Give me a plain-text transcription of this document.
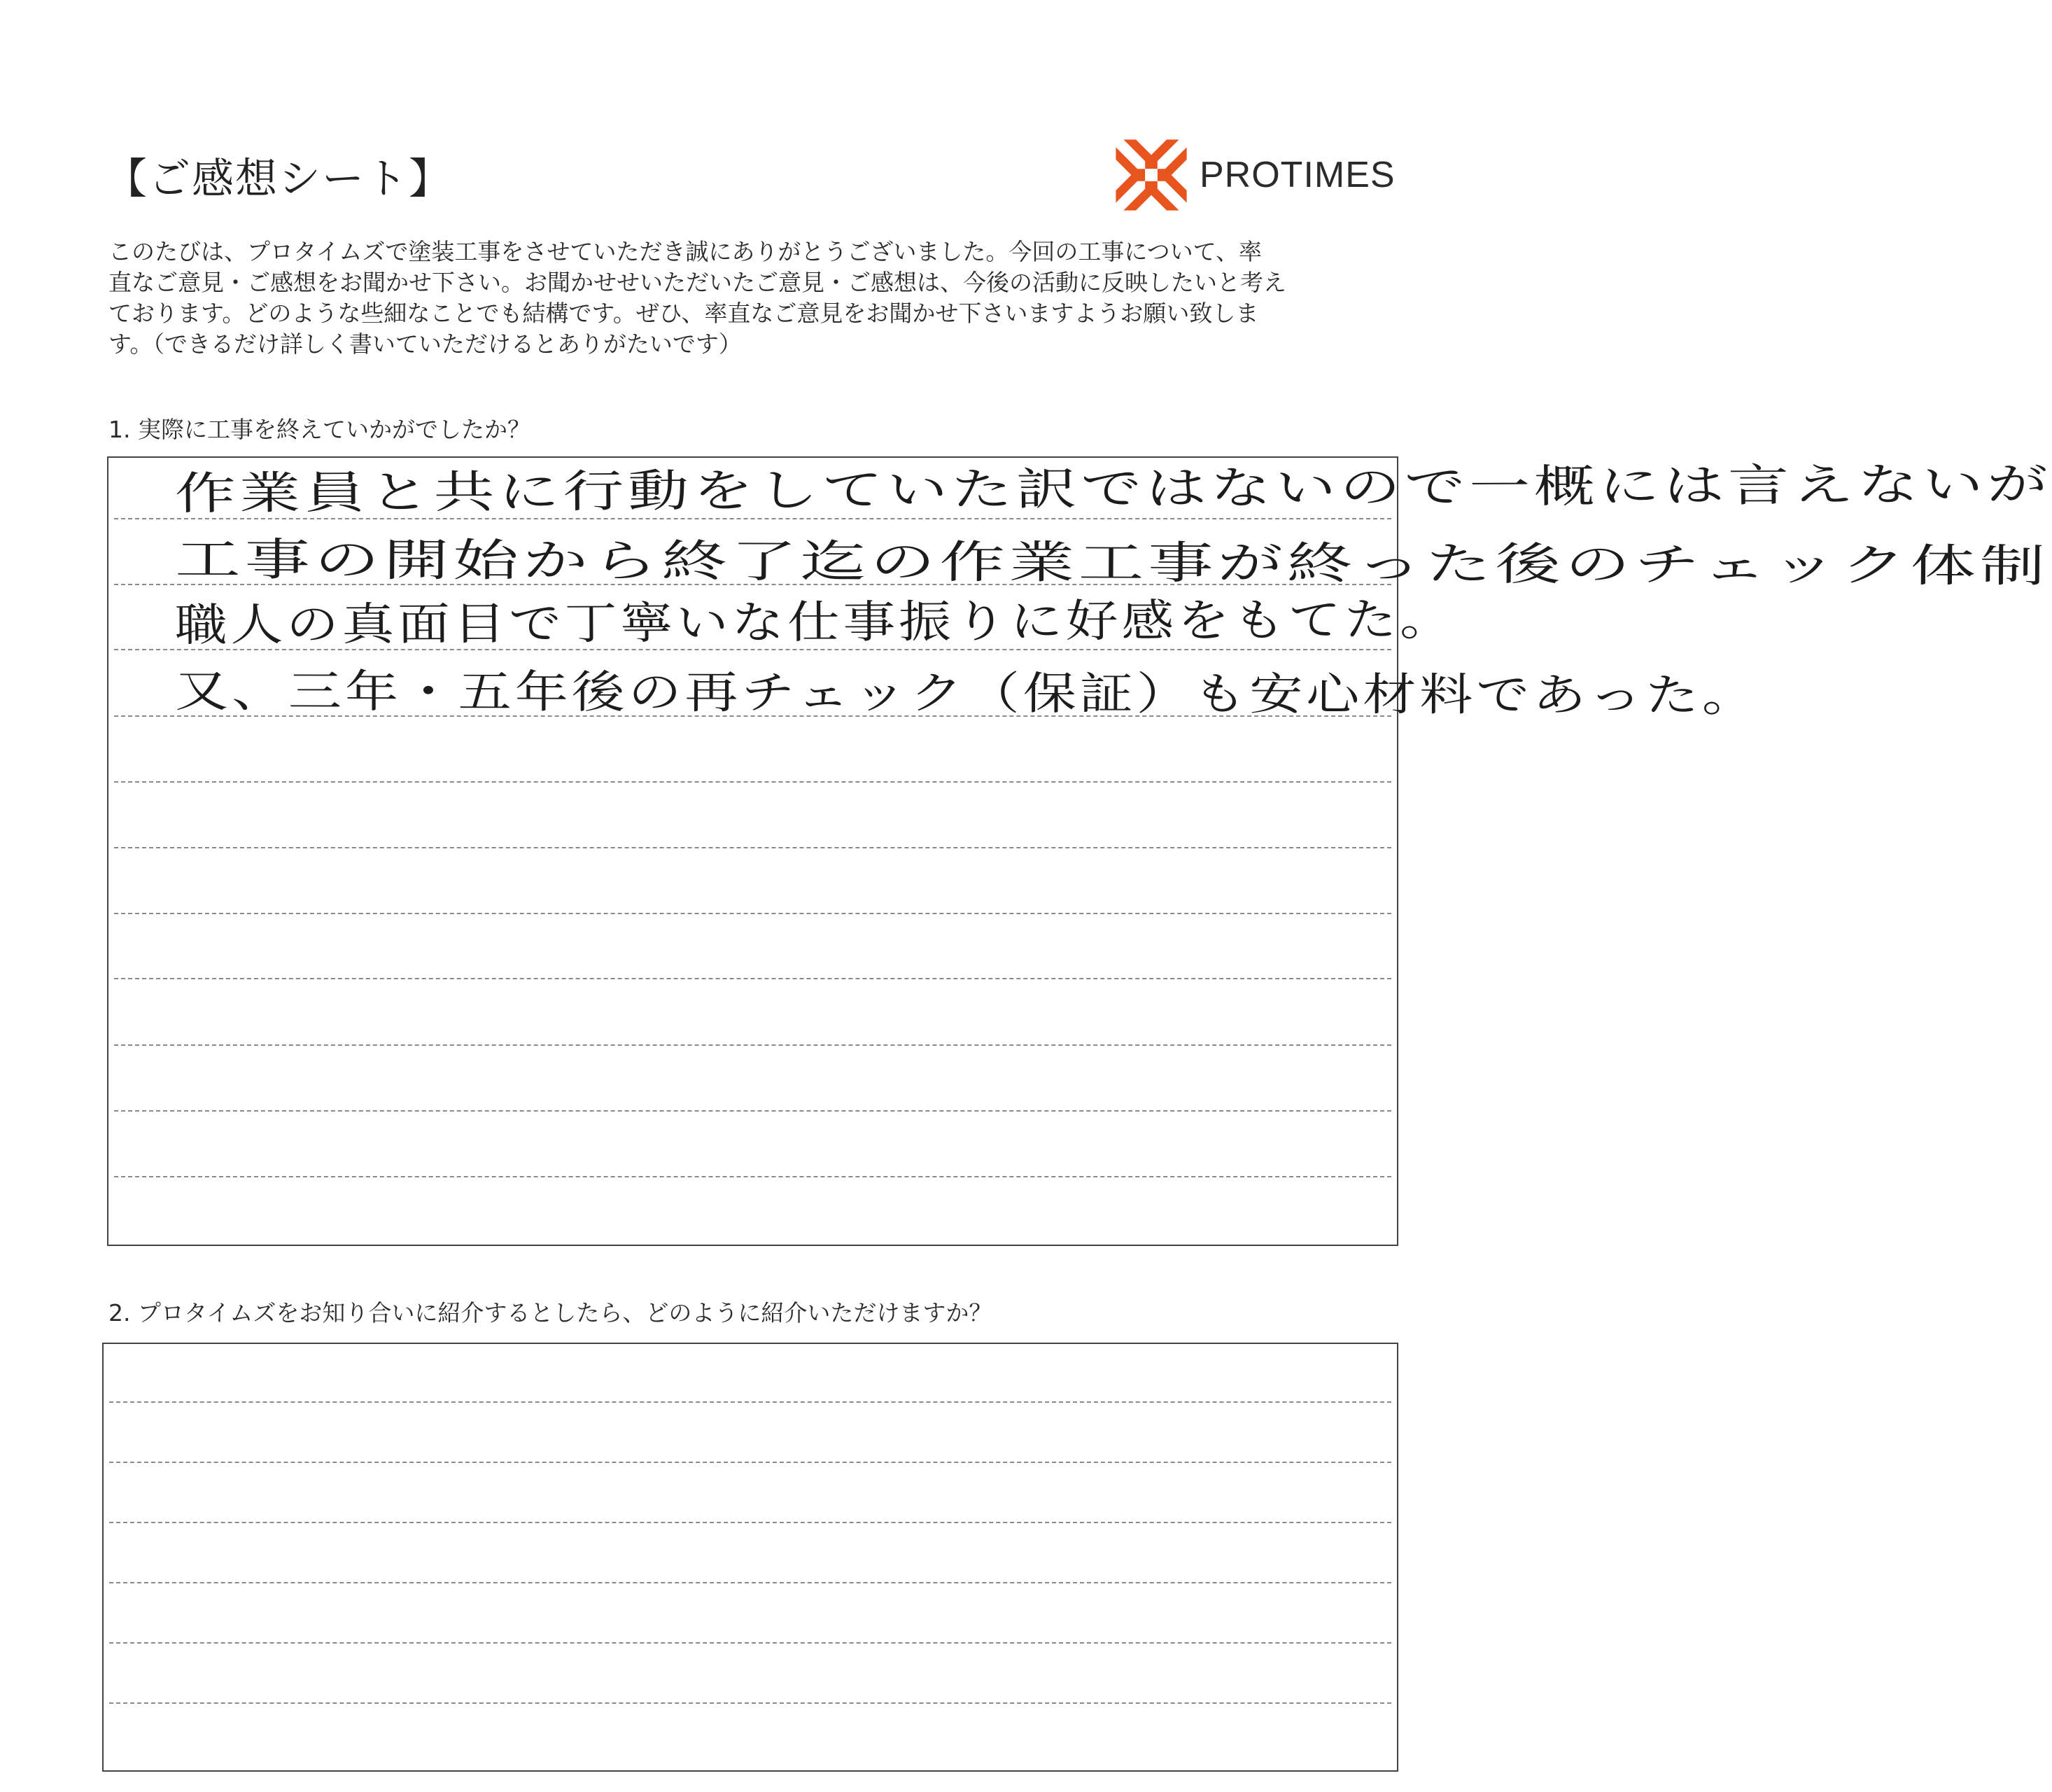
【ご感想シート】	PROTIMES
このたびは、プロタイムズで塗装工事をさせていただき誠にありがとうございました。今回の工事について、率
直なご意見・ご感想をお聞かせ下さい。お聞かせせいただいたご意見・ご感想は、今後の活動に反映したいと考え
ております。どのような些細なことでも結構です。ぜひ、率直なご意見をお聞かせ下さいますようお願い致しま
す。（できるだけ詳しく書いていただけるとありがたいです）
1. 実際に工事を終えていかがでしたか？
作業員と共に行動をしていた訳ではないので一概には言えないが
工事の開始から終了迄の作業工事が終った後のチェック体制
職人の真面目で丁寧いな仕事振りに好感をもてた。
又、三年・五年後の再チェック（保証）も安心材料であった。
2. プロタイムズをお知り合いに紹介するとしたら、どのように紹介いただけますか？
